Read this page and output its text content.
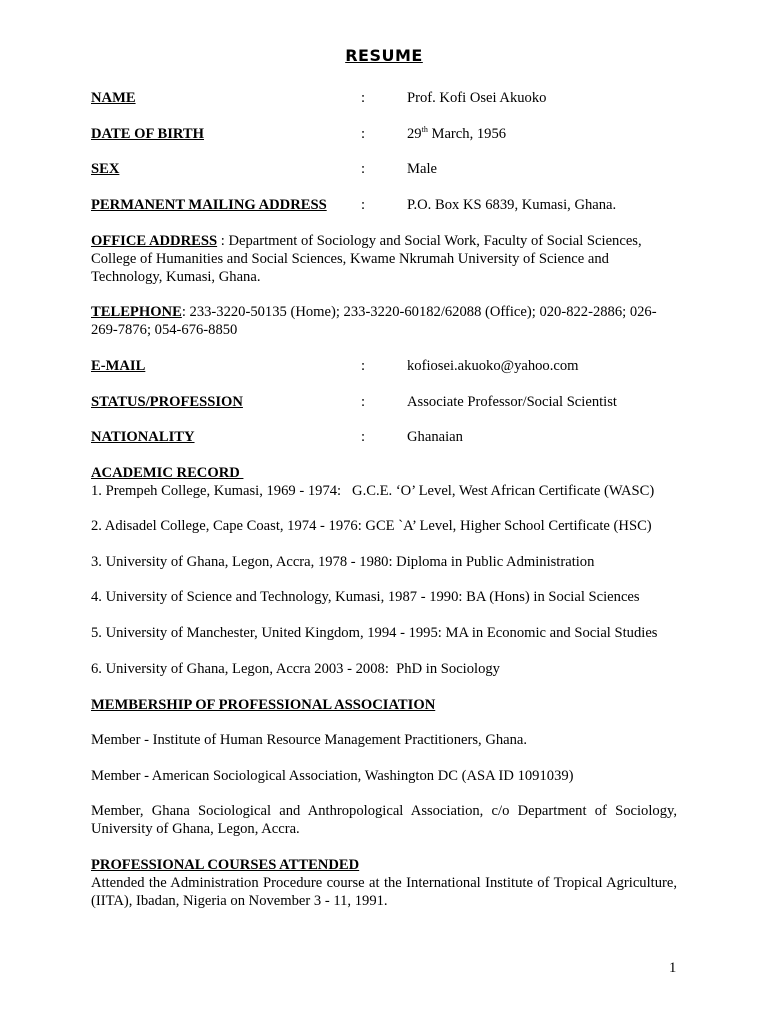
RESUME
NAME	:	Prof. Kofi Osei Akuoko
DATE OF BIRTH	:	29th March, 1956
SEX	:	Male
PERMANENT MAILING ADDRESS :	P.O. Box KS 6839, Kumasi, Ghana.
OFFICE ADDRESS : Department of Sociology and Social Work, Faculty of Social Sciences, College of Humanities and Social Sciences, Kwame Nkrumah University of Science and Technology, Kumasi, Ghana.
TELEPHONE: 233-3220-50135 (Home); 233-3220-60182/62088 (Office); 020-822-2886; 026-269-7876; 054-676-8850
E-MAIL	:	kofiosei.akuoko@yahoo.com
STATUS/PROFESSION	:	Associate Professor/Social Scientist
NATIONALITY	:	Ghanaian
ACADEMIC RECORD
1. Prempeh College, Kumasi, 1969 - 1974:   G.C.E. ‘O’ Level, West African Certificate (WASC)
2. Adisadel College, Cape Coast, 1974 - 1976: GCE `A’ Level, Higher School Certificate (HSC)
3. University of Ghana, Legon, Accra, 1978 - 1980: Diploma in Public Administration
4. University of Science and Technology, Kumasi, 1987 - 1990: BA (Hons) in Social Sciences
5. University of Manchester, United Kingdom, 1994 - 1995: MA in Economic and Social Studies
6. University of Ghana, Legon, Accra 2003 - 2008:  PhD in Sociology
MEMBERSHIP OF PROFESSIONAL ASSOCIATION
Member - Institute of Human Resource Management Practitioners, Ghana.
Member - American Sociological Association, Washington DC (ASA ID 1091039)
Member, Ghana Sociological and Anthropological Association, c/o Department of Sociology, University of Ghana, Legon, Accra.
PROFESSIONAL COURSES ATTENDED
Attended the Administration Procedure course at the International Institute of Tropical Agriculture, (IITA), Ibadan, Nigeria on November 3 - 11, 1991.
1
